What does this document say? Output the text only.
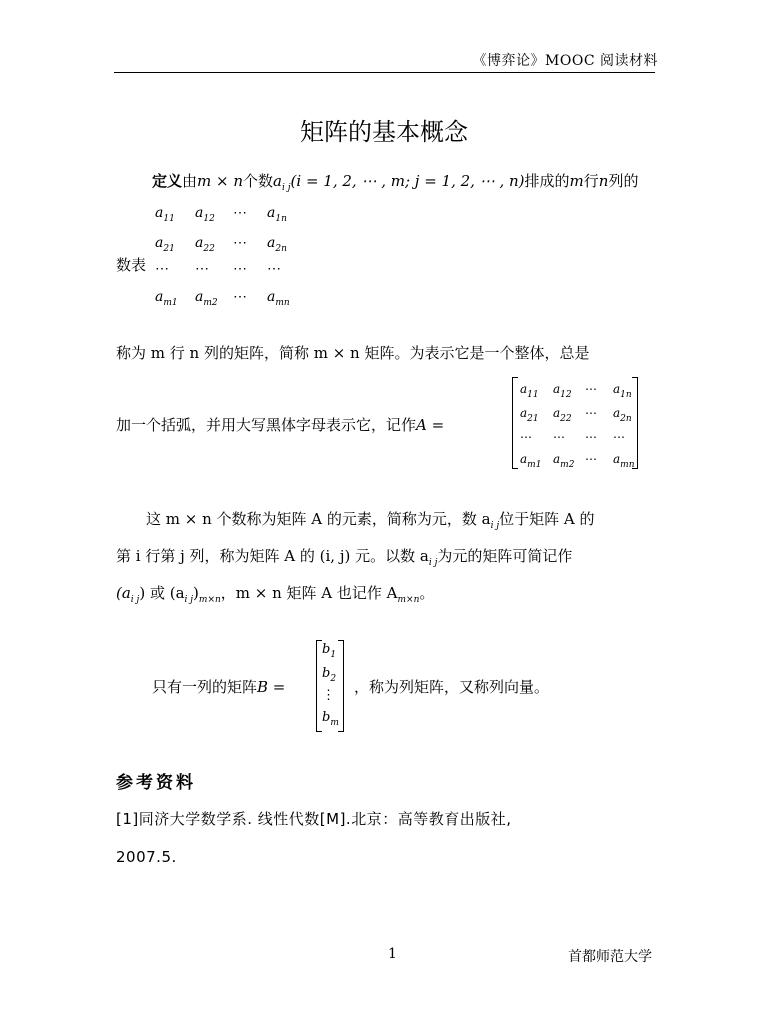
《博弈论》MOOC 阅读材料
矩阵的基本概念
定义由m × n个数$a_{i j}(i = 1$, 2, ⋯ , m; j = 1, 2, ⋯ , n)排成的m行n列的
数表
$a_{11}$ $a_{12}$ ⋯ $a_{1n}$
$a_{21}$ $a_{22}$ ⋯ $a_{2n}$
⋯ ⋯ ⋯ ⋯
$a_{m1}$ $a_{m2}$ ⋯ $a_{mn}$
称为 m 行 n 列的矩阵，简称 m × n 矩阵。为表示它是一个整体，总是
加一个括弧，并用大写黑体字母表示它，记作A =
$a_{11}$ $a_{12}$ ⋯ $a_{1n}$
$a_{21}$ $a_{22}$ ⋯ $a_{2n}$
⋯ ⋯ ⋯ ⋯
$a_{m1}$ $a_{m2}$ ⋯ $a_{mn}$
这 m × n 个数称为矩阵 A 的元素，简称为元，数 $a_{i j}$位于矩阵 A 的
第 i 行第 j 列，称为矩阵 A 的 (i, j) 元。以数 $a_{i j}$为元的矩阵可简记作
$(a_{i j})$ 或 $(a_{i j})_{m\times n}$，m × n 矩阵 A 也记作 $A_{m\times n}$。
只有一列的矩阵B =
$b_1$
$b_2$
⋮
$b_m$
，称为列矩阵，又称列向量。
参考资料
[1]同济大学数学系. 线性代数[M].北京：高等教育出版社,
2007.5.
1	首都师范大学
